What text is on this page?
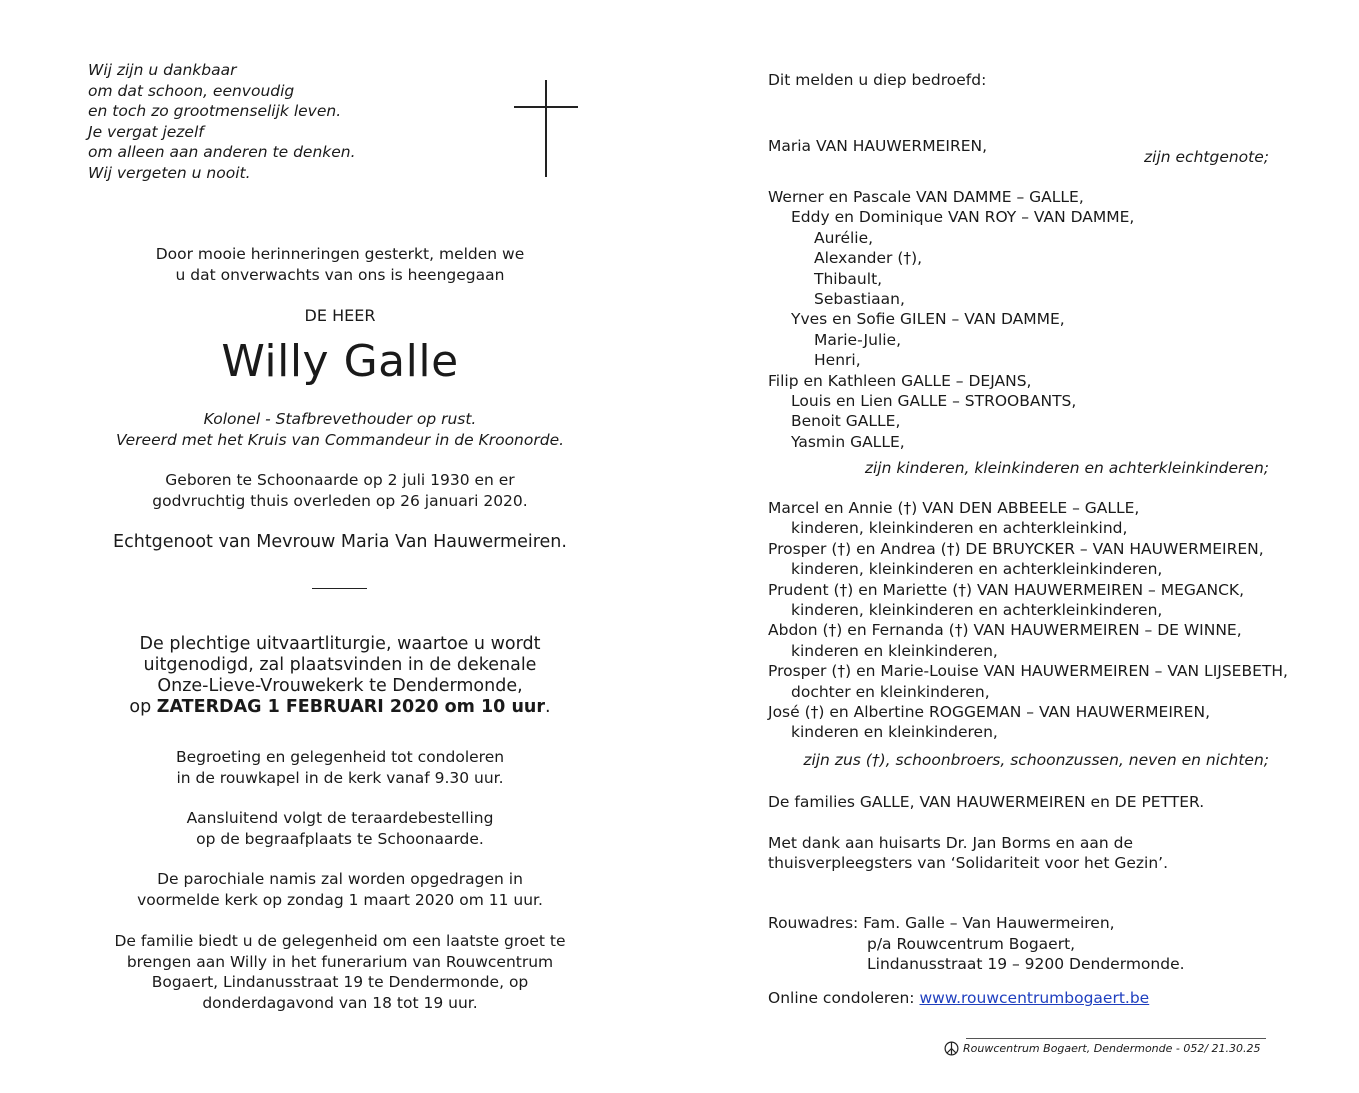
Wij zijn u dankbaar
om dat schoon, eenvoudig
en toch zo grootmenselijk leven.
Je vergat jezelf
om alleen aan anderen te denken.
Wij vergeten u nooit.
Door mooie herinneringen gesterkt, melden we
u dat onverwachts van ons is heengegaan
DE HEER
Willy Galle
Kolonel - Stafbrevethouder op rust.
Vereerd met het Kruis van Commandeur in de Kroonorde.
Geboren te Schoonaarde op 2 juli 1930 en er
godvruchtig thuis overleden op 26 januari 2020.
Echtgenoot van Mevrouw Maria Van Hauwermeiren.
De plechtige uitvaartliturgie, waartoe u wordt
uitgenodigd, zal plaatsvinden in de dekenale
Onze-Lieve-Vrouwekerk te Dendermonde,
op ZATERDAG 1 FEBRUARI 2020 om 10 uur.
Begroeting en gelegenheid tot condoleren
in de rouwkapel in de kerk vanaf 9.30 uur.
Aansluitend volgt de teraardebestelling
op de begraafplaats te Schoonaarde.
De parochiale namis zal worden opgedragen in
voormelde kerk op zondag 1 maart 2020 om 11 uur.
De familie biedt u de gelegenheid om een laatste groet te
brengen aan Willy in het funerarium van Rouwcentrum
Bogaert, Lindanusstraat 19 te Dendermonde, op
donderdagavond van 18 tot 19 uur.
Dit melden u diep bedroefd:
Maria VAN HAUWERMEIREN,
zijn echtgenote;
Werner en Pascale VAN DAMME – GALLE,
Eddy en Dominique VAN ROY – VAN DAMME,
Aurélie,
Alexander (†),
Thibault,
Sebastiaan,
Yves en Sofie GILEN – VAN DAMME,
Marie-Julie,
Henri,
Filip en Kathleen GALLE – DEJANS,
Louis en Lien GALLE – STROOBANTS,
Benoit GALLE,
Yasmin GALLE,
zijn kinderen, kleinkinderen en achterkleinkinderen;
Marcel en Annie (†) VAN DEN ABBEELE – GALLE,
kinderen, kleinkinderen en achterkleinkind,
Prosper (†) en Andrea (†) DE BRUYCKER – VAN HAUWERMEIREN,
kinderen, kleinkinderen en achterkleinkinderen,
Prudent (†) en Mariette (†) VAN HAUWERMEIREN – MEGANCK,
kinderen, kleinkinderen en achterkleinkinderen,
Abdon (†) en Fernanda (†) VAN HAUWERMEIREN – DE WINNE,
kinderen en kleinkinderen,
Prosper (†) en Marie-Louise VAN HAUWERMEIREN – VAN LIJSEBETH,
dochter en kleinkinderen,
José (†) en Albertine ROGGEMAN – VAN HAUWERMEIREN,
kinderen en kleinkinderen,
zijn zus (†), schoonbroers, schoonzussen, neven en nichten;
De families GALLE, VAN HAUWERMEIREN en DE PETTER.
Met dank aan huisarts Dr. Jan Borms en aan de
thuisverpleegsters van ‘Solidariteit voor het Gezin’.
Rouwadres: Fam. Galle – Van Hauwermeiren,
p/a Rouwcentrum Bogaert,
Lindanusstraat 19 – 9200 Dendermonde.
Online condoleren: www.rouwcentrumbogaert.be
Rouwcentrum Bogaert, Dendermonde - 052/ 21.30.25
